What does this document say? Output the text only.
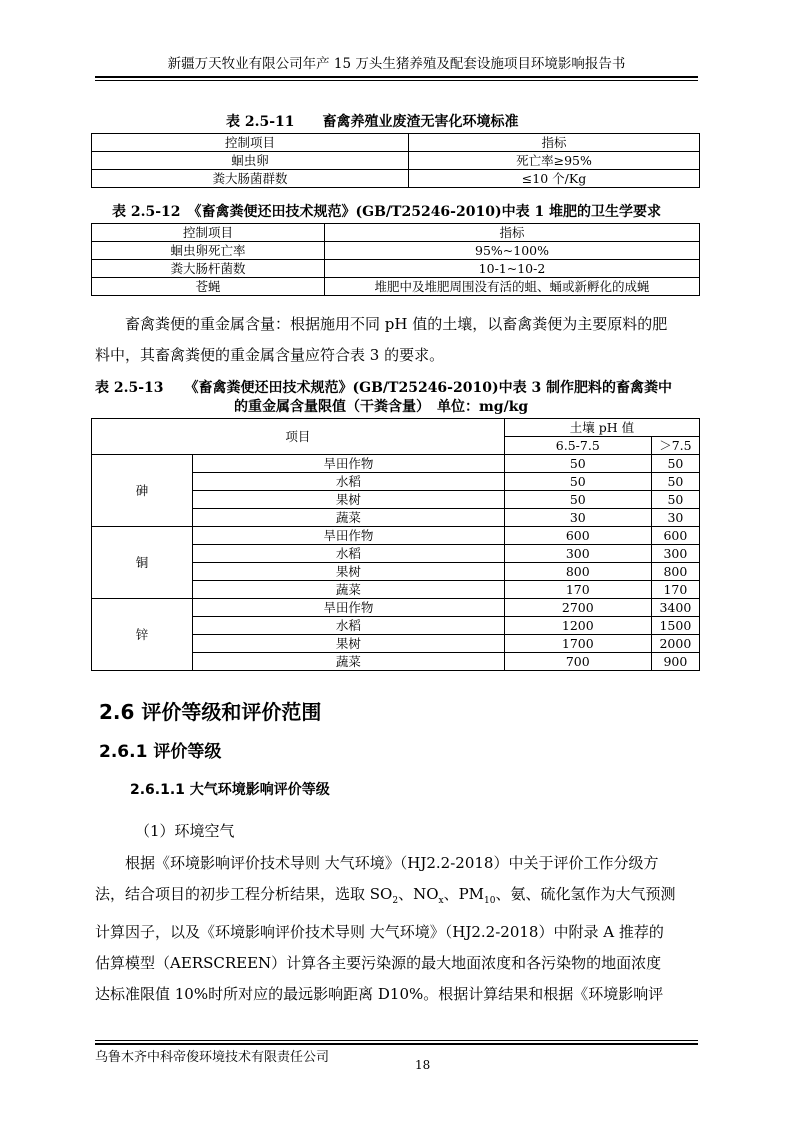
新疆万天牧业有限公司年产 15 万头生猪养殖及配套设施项目环境影响报告书
表 2.5-11　　畜禽养殖业废渣无害化环境标准
控制项目	指标
蛔虫卵	死亡率≥95%
粪大肠菌群数	≤10 个/Kg
表 2.5-12　《畜禽粪便还田技术规范》(GB/T25246-2010)中表 1 堆肥的卫生学要求
控制项目	指标
蛔虫卵死亡率	95%~100%
粪大肠杆菌数	10-1~10-2
苍蝇	堆肥中及堆肥周围没有活的蛆、蛹或新孵化的成蝇
畜禽粪便的重金属含量：根据施用不同 pH 值的土壤，以畜禽粪便为主要原料的肥
料中，其畜禽粪便的重金属含量应符合表 3 的要求。
表 2.5-13　　《畜禽粪便还田技术规范》(GB/T25246-2010)中表 3 制作肥料的畜禽粪中
的重金属含量限值（干粪含量）　单位：mg/kg
项目		土壤 pH 值	
		6.5-7.5	＞7.5
砷	旱田作物	50	50
	水稻	50	50
	果树	50	50
	蔬菜	30	30
铜	旱田作物	600	600
	水稻	300	300
	果树	800	800
	蔬菜	170	170
锌	旱田作物	2700	3400
	水稻	1200	1500
	果树	1700	2000
	蔬菜	700	900
2.6 评价等级和评价范围
2.6.1 评价等级
2.6.1.1 大气环境影响评价等级
（1）环境空气
根据《环境影响评价技术导则 大气环境》（HJ2.2-2018）中关于评价工作分级方
法，结合项目的初步工程分析结果，选取 $SO_2$、$NO_x$、$PM_{10}$、氨、硫化氢作为大气预测
计算因子，以及《环境影响评价技术导则 大气环境》（HJ2.2-2018）中附录 A 推荐的
估算模型（AERSCREEN）计算各主要污染源的最大地面浓度和各污染物的地面浓度
达标准限值 10%时所对应的最远影响距离 D10%。根据计算结果和根据《环境影响评
乌鲁木齐中科帝俊环境技术有限责任公司	18
